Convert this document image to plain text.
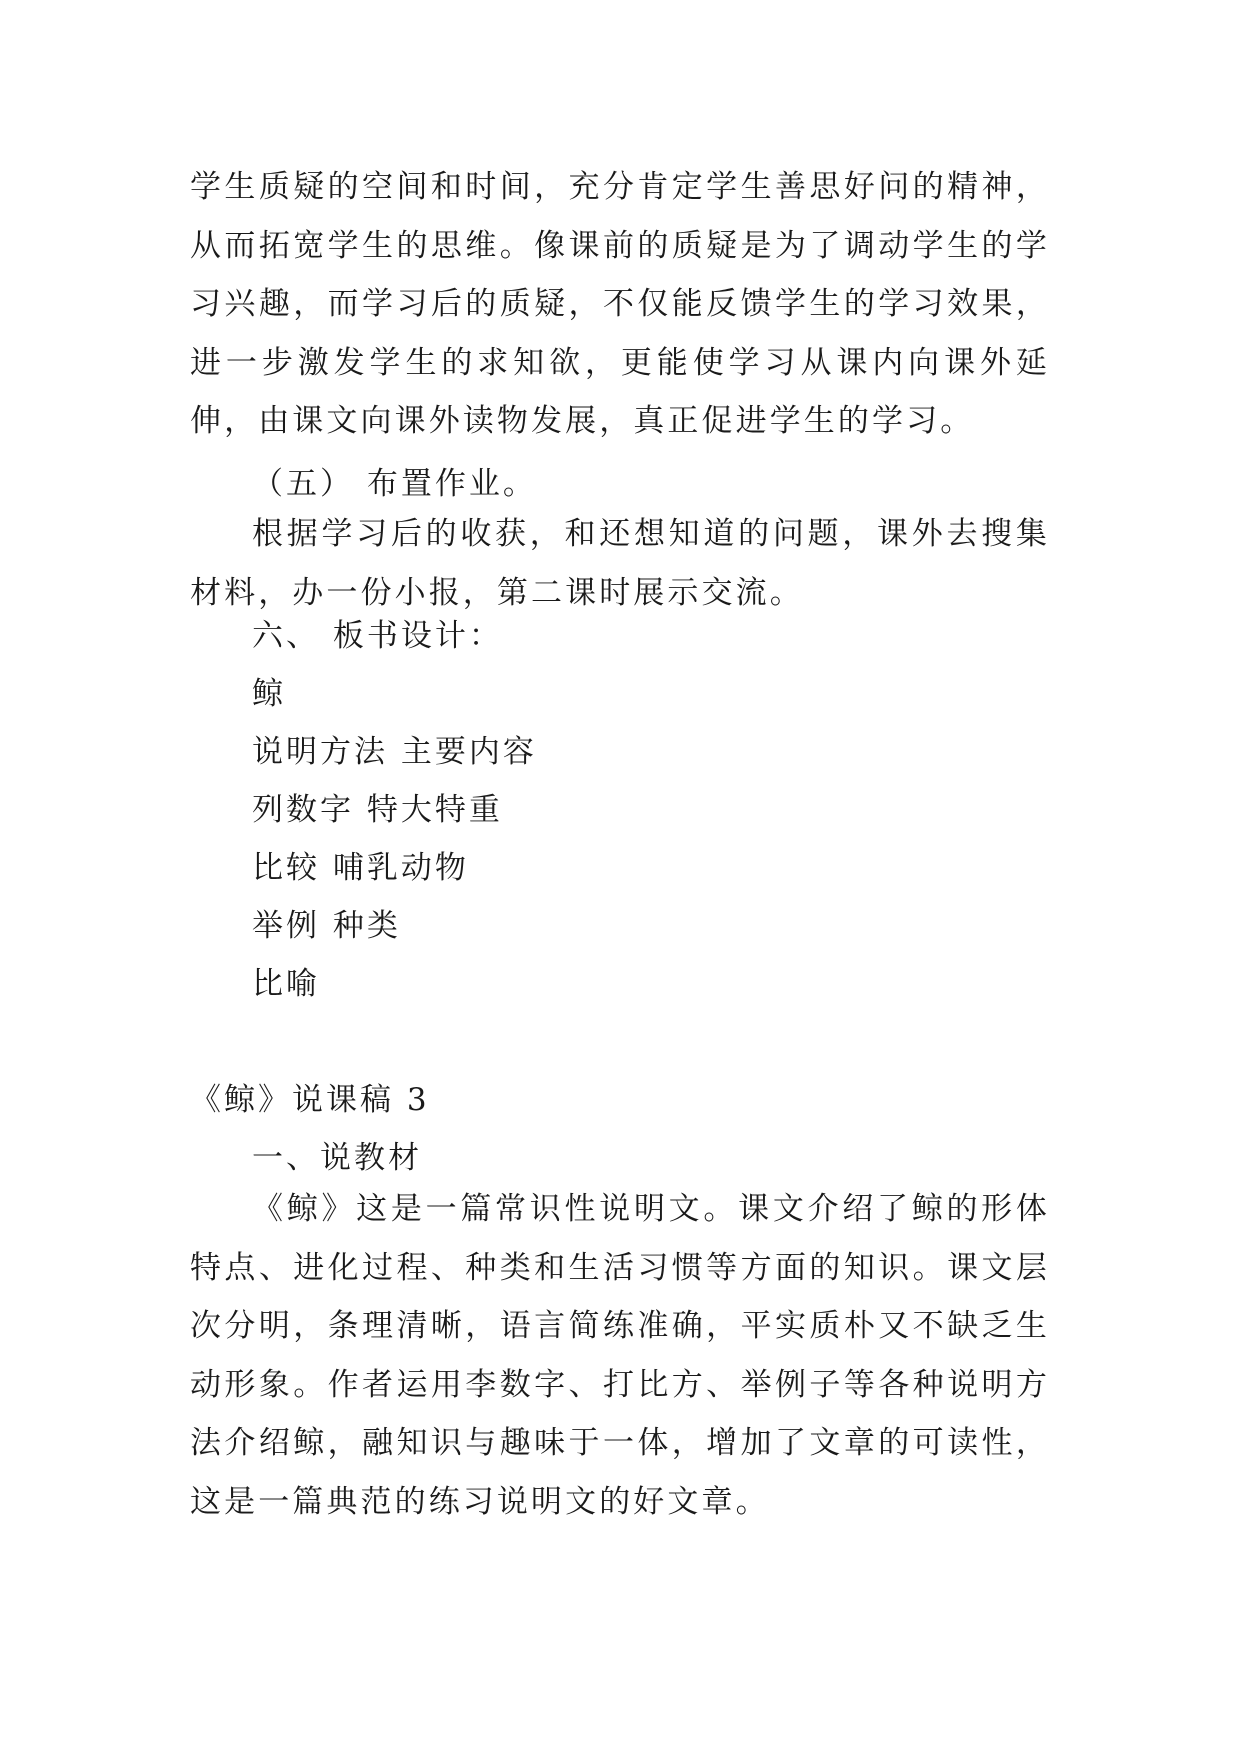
学生质疑的空间和时间，充分肯定学生善思好问的精神，从而拓宽学生的思维。像课前的质疑是为了调动学生的学习兴趣，而学习后的质疑，不仅能反馈学生的学习效果，进一步激发学生的求知欲，更能使学习从课内向课外延伸，由课文向课外读物发展，真正促进学生的学习。

（五） 布置作业。

根据学习后的收获，和还想知道的问题，课外去搜集材料，办一份小报，第二课时展示交流。

六、 板书设计：

鲸

说明方法 主要内容

列数字 特大特重

比较 哺乳动物

举例 种类

比喻

《鲸》说课稿 3

一、说教材

《鲸》这是一篇常识性说明文。课文介绍了鲸的形体特点、进化过程、种类和生活习惯等方面的知识。课文层次分明，条理清晰，语言简练准确，平实质朴又不缺乏生动形象。作者运用李数字、打比方、举例子等各种说明方法介绍鲸，融知识与趣味于一体，增加了文章的可读性，这是一篇典范的练习说明文的好文章。
